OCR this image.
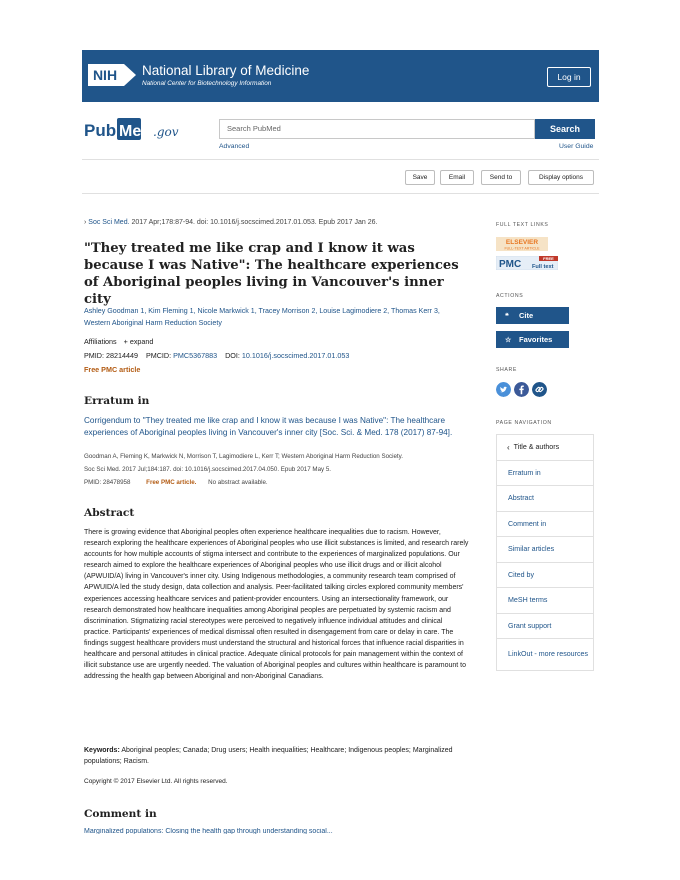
NIH National Library of Medicine
National Center for Biotechnology Information
Log in
Pub Med .gov	Search PubMed	Search
Advanced	User Guide
Save	Email	Send to	Display options
› Soc Sci Med. 2017 Apr;178:87-94. doi: 10.1016/j.socscimed.2017.01.053. Epub 2017 Jan 26.
"They treated me like crap and I know it was because I was Native": The healthcare experiences of Aboriginal peoples living in Vancouver's inner city
Ashley Goodman 1, Kim Fleming 1, Nicole Markwick 1, Tracey Morrison 2, Louise Lagimodiere 2, Thomas Kerr 3, Western Aboriginal Harm Reduction Society
Affiliations + expand
PMID: 28214449 PMCID: PMC5367883 DOI: 10.1016/j.socscimed.2017.01.053
Free PMC article
Erratum in
Corrigendum to "They treated me like crap and I know it was because I was Native": The healthcare experiences of Aboriginal peoples living in Vancouver's inner city [Soc. Sci. & Med. 178 (2017) 87-94].
Goodman A, Fleming K, Markwick N, Morrison T, Lagimodiere L, Kerr T; Western Aboriginal Harm Reduction Society.
Soc Sci Med. 2017 Jul;184:187. doi: 10.1016/j.socscimed.2017.04.050. Epub 2017 May 5.
PMID: 28478958	Free PMC article. No abstract available.
Abstract

There is growing evidence that Aboriginal peoples often experience healthcare inequalities due to racism. However, research exploring the healthcare experiences of Aboriginal peoples who use illicit substances is limited, and research rarely accounts for how multiple accounts of stigma intersect and contribute to the experiences of marginalized populations. Our research aimed to explore the healthcare experiences of Aboriginal peoples who use illicit drugs and or illicit alcohol (APWUID/A) living in Vancouver's inner city. Using Indigenous methodologies, a community research team comprised of APWUID/A led the study design, data collection and analysis. Peer-facilitated talking circles explored community members' experiences accessing healthcare services and patient-provider encounters. Using an intersectionality framework, our research demonstrated how healthcare inequalities among Aboriginal peoples are perpetuated by systemic racism and discrimination. Stigmatizing racial stereotypes were perceived to negatively influence individual attitudes and clinical practice. Participants' experiences of medical dismissal often resulted in disengagement from care or delay in care. The findings suggest healthcare providers must understand the structural and historical forces that influence racial disparities in healthcare and personal attitudes in clinical practice. Adequate clinical protocols for pain management within the context of illicit substance use are urgently needed. The valuation of Aboriginal peoples and cultures within healthcare is paramount to addressing the health gap between Aboriginal and non-Aboriginal Canadians.

Keywords: Aboriginal peoples; Canada; Drug users; Health inequalities; Healthcare; Indigenous peoples; Marginalized populations; Racism.
Copyright © 2017 Elsevier Ltd. All rights reserved.
Comment in
Marginalized populations: Closing the health gap through understanding social...
FULL TEXT LINKS
ELSEVIER
FULL-TEXT ARTICLE
PMC
FREE
Full text
ACTIONS
❝ Cite
☆ Favorites
SHARE
PAGE NAVIGATION
‹ Title & authors
Erratum in
Abstract
Comment in
Similar articles
Cited by
MeSH terms
Grant support
LinkOut - more resources
